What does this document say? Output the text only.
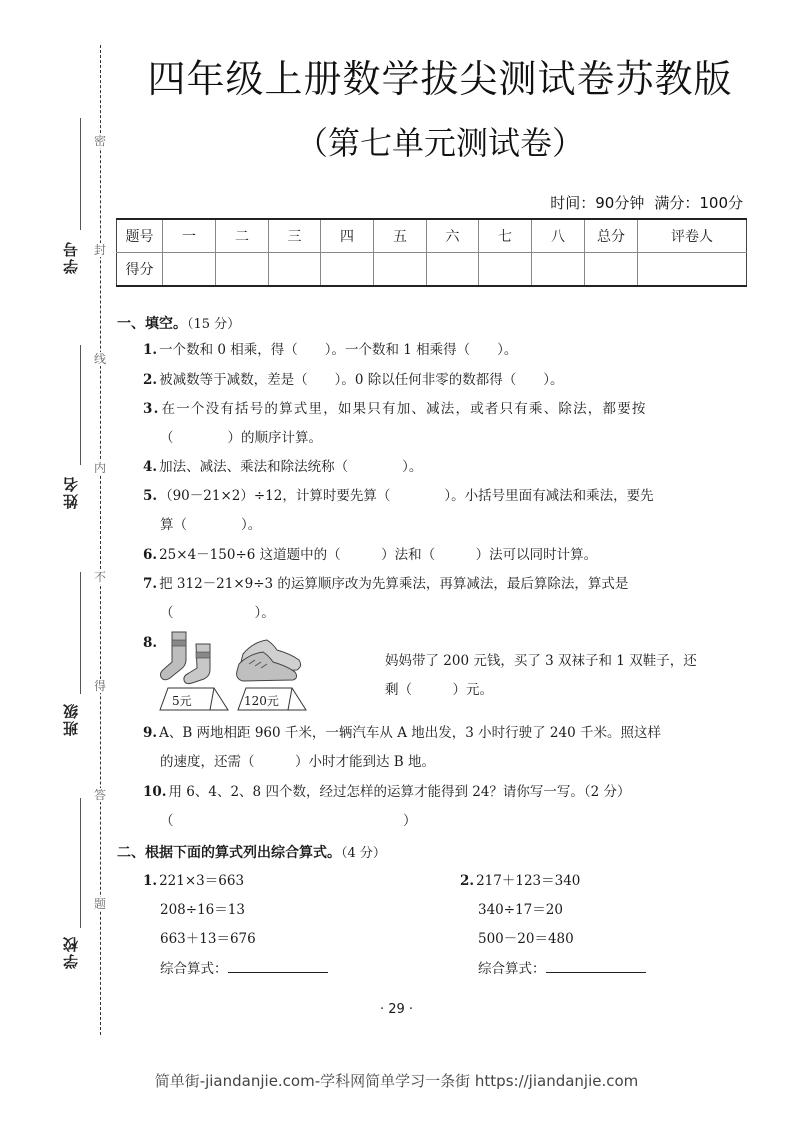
密
封
线
内
不
得
答
题
学号
姓名
班级
学校
四年级上册数学拔尖测试卷苏教版
（第七单元测试卷）
时间：90分钟 满分：100分
题号	一	二	三	四	五	六	七	八	总分	评卷人
得分										
一、填空。（15 分）
1. 一个数和 0 相乘，得（　　）。一个数和 1 相乘得（　　）。
2. 被减数等于减数，差是（　　）。0 除以任何非零的数都得（　　）。
3. 在一个没有括号的算式里，如果只有加、减法，或者只有乘、除法，都要按
（　　　　）的顺序计算。
4. 加法、减法、乘法和除法统称（　　　　）。
5. （90－21×2）÷12，计算时要先算（　　　　）。小括号里面有减法和乘法，要先
算（　　　　）。
6. 25×4－150÷6 这道题中的（　　　）法和（　　　）法可以同时计算。
7. 把 312－21×9÷3 的运算顺序改为先算乘法，再算减法，最后算除法，算式是
（　　　　　　）。
8.
5元	120元
妈妈带了 200 元钱，买了 3 双袜子和 1 双鞋子，还
剩（　　　）元。
9. A、B 两地相距 960 千米，一辆汽车从 A 地出发，3 小时行驶了 240 千米。照这样
的速度，还需（　　　）小时才能到达 B 地。
10. 用 6、4、2、8 四个数，经过怎样的运算才能得到 24？请你写一写。（2 分）
（　　　　　　　　　　　　　　　　　）
二、根据下面的算式列出综合算式。（4 分）
1. 221×3＝663
208÷16＝13
663＋13＝676
综合算式：
2. 217＋123＝340
340÷17＝20
500－20＝480
综合算式：
· 29 ·
简单街-jiandanjie.com-学科网简单学习一条街 https://jiandanjie.com
